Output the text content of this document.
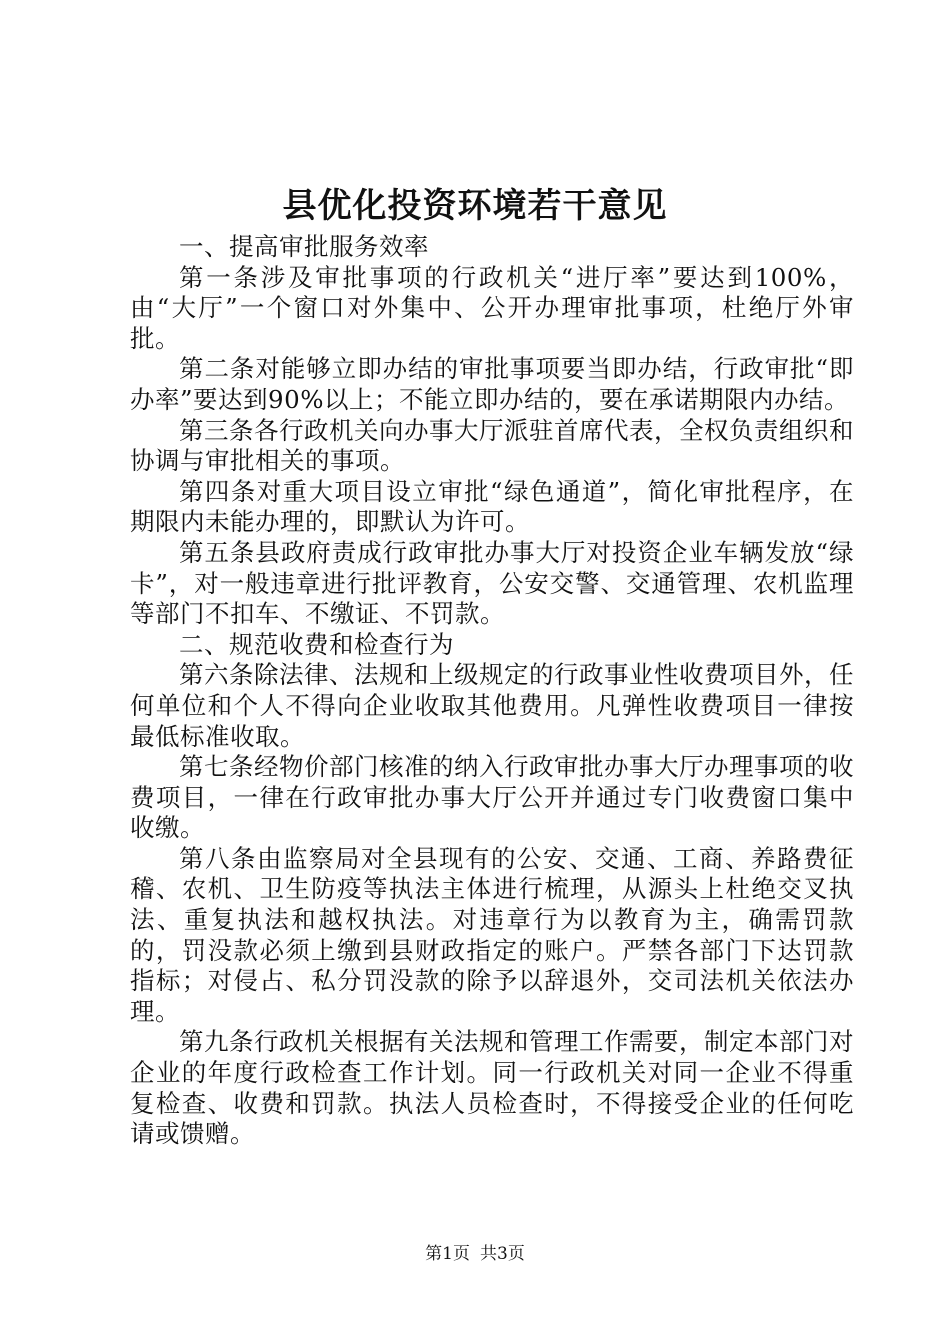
县优化投资环境若干意见

一、提高审批服务效率

第一条涉及审批事项的行政机关“进厅率”要达到100%，由“大厅”一个窗口对外集中、公开办理审批事项，杜绝厅外审批。

第二条对能够立即办结的审批事项要当即办结，行政审批“即办率”要达到90%以上；不能立即办结的，要在承诺期限内办结。

第三条各行政机关向办事大厅派驻首席代表，全权负责组织和协调与审批相关的事项。

第四条对重大项目设立审批“绿色通道”，简化审批程序，在期限内未能办理的，即默认为许可。

第五条县政府责成行政审批办事大厅对投资企业车辆发放“绿卡”，对一般违章进行批评教育，公安交警、交通管理、农机监理等部门不扣车、不缴证、不罚款。

二、规范收费和检查行为

第六条除法律、法规和上级规定的行政事业性收费项目外，任何单位和个人不得向企业收取其他费用。凡弹性收费项目一律按最低标准收取。

第七条经物价部门核准的纳入行政审批办事大厅办理事项的收费项目，一律在行政审批办事大厅公开并通过专门收费窗口集中收缴。

第八条由监察局对全县现有的公安、交通、工商、养路费征稽、农机、卫生防疫等执法主体进行梳理，从源头上杜绝交叉执法、重复执法和越权执法。对违章行为以教育为主，确需罚款的，罚没款必须上缴到县财政指定的账户。严禁各部门下达罚款指标；对侵占、私分罚没款的除予以辞退外，交司法机关依法办理。

第九条行政机关根据有关法规和管理工作需要，制定本部门对企业的年度行政检查工作计划。同一行政机关对同一企业不得重复检查、收费和罚款。执法人员检查时，不得接受企业的任何吃请或馈赠。

第1页 共3页
